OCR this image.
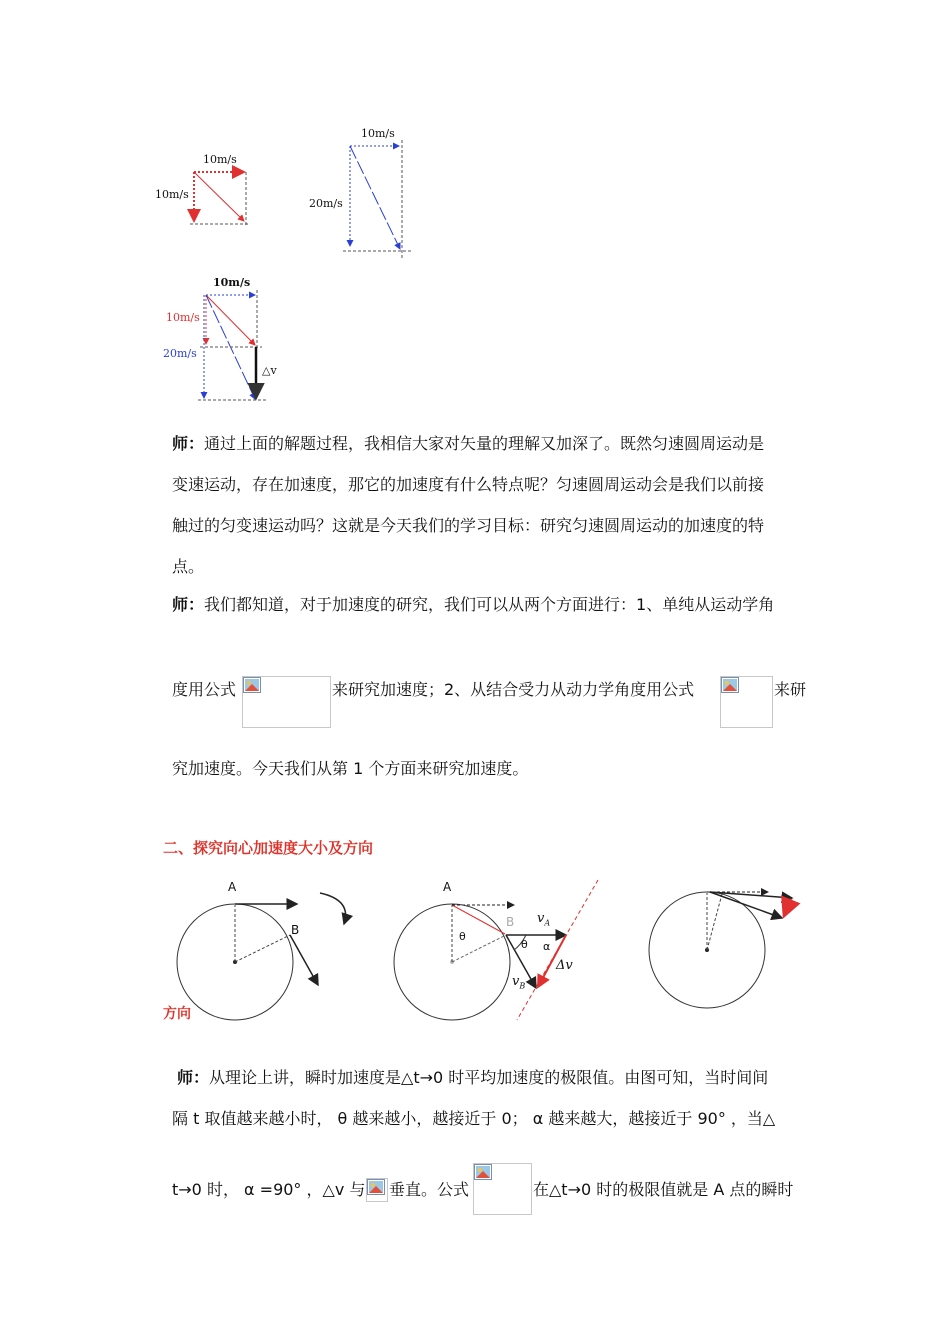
10m/s
10m/s
10m/s
20m/s
10m/s
10m/s
20m/s
△v
师：通过上面的解题过程，我相信大家对矢量的理解又加深了。既然匀速圆周运动是
变速运动，存在加速度，那它的加速度有什么特点呢？匀速圆周运动会是我们以前接
触过的匀变速运动吗？这就是今天我们的学习目标：研究匀速圆周运动的加速度的特
点。
师：我们都知道，对于加速度的研究，我们可以从两个方面进行：1、单纯从运动学角
度用公式	来研究加速度；2、从结合受力从动力学角度用公式	来研
究加速度。今天我们从第 1 个方面来研究加速度。
二、探究向心加速度大小及方向
A
B
方向
A
B
θ
θ α
$v_A$
$v_B$
Δv
师：从理论上讲，瞬时加速度是△t→0 时平均加速度的极限值。由图可知，当时间间
隔 t 取值越来越小时， θ 越来越小，越接近于 0； α 越来越大，越接近于 90° ，当△
t→0 时， α =90° ，△v 与 垂直。公式	在△t→0 时的极限值就是 A 点的瞬时
